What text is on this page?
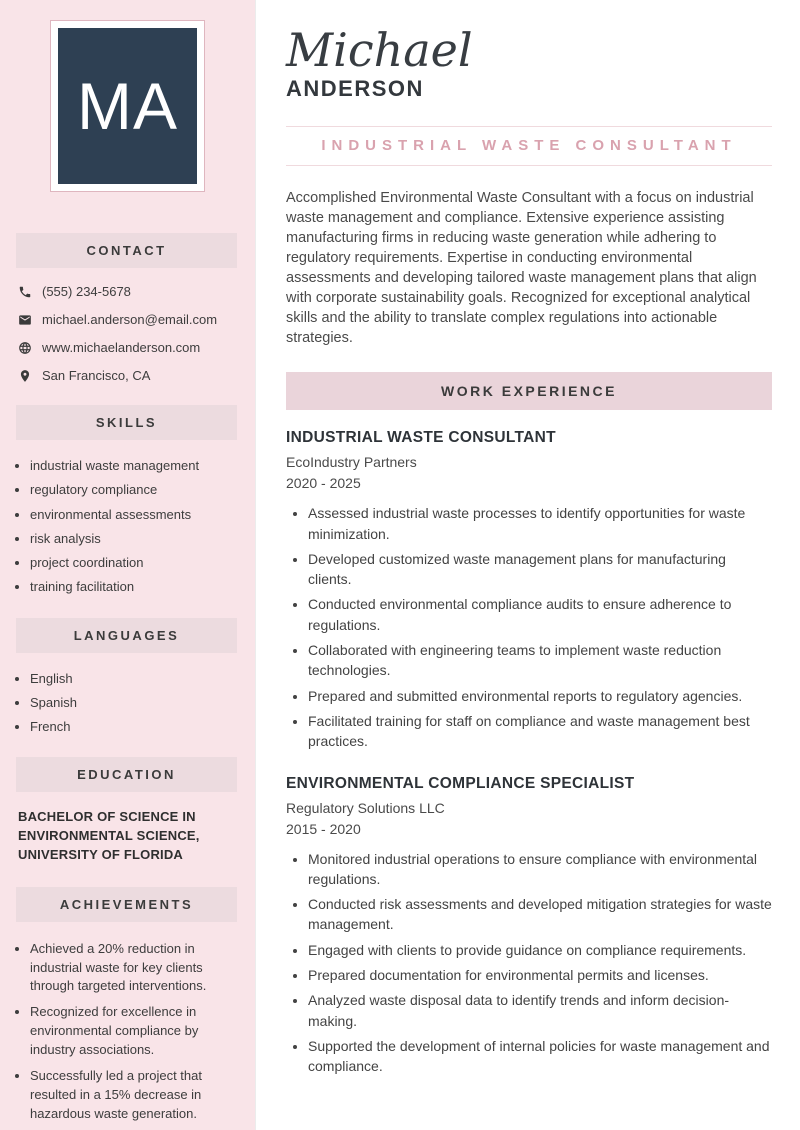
MA
CONTACT
(555) 234-5678
michael.anderson@email.com
www.michaelanderson.com
San Francisco, CA
SKILLS
• industrial waste management
• regulatory compliance
• environmental assessments
• risk analysis
• project coordination
• training facilitation
LANGUAGES
• English
• Spanish
• French
EDUCATION
BACHELOR OF SCIENCE IN ENVIRONMENTAL SCIENCE, UNIVERSITY OF FLORIDA
ACHIEVEMENTS
• Achieved a 20% reduction in industrial waste for key clients through targeted interventions.
• Recognized for excellence in environmental compliance by industry associations.
• Successfully led a project that resulted in a 15% decrease in hazardous waste generation.
Michael
ANDERSON
INDUSTRIAL WASTE CONSULTANT

Accomplished Environmental Waste Consultant with a focus on industrial waste management and compliance. Extensive experience assisting manufacturing firms in reducing waste generation while adhering to regulatory requirements. Expertise in conducting environmental assessments and developing tailored waste management plans that align with corporate sustainability goals. Recognized for exceptional analytical skills and the ability to translate complex regulations into actionable strategies.

WORK EXPERIENCE
INDUSTRIAL WASTE CONSULTANT
EcoIndustry Partners
2020 - 2025
• Assessed industrial waste processes to identify opportunities for waste minimization.
• Developed customized waste management plans for manufacturing clients.
• Conducted environmental compliance audits to ensure adherence to regulations.
• Collaborated with engineering teams to implement waste reduction technologies.
• Prepared and submitted environmental reports to regulatory agencies.
• Facilitated training for staff on compliance and waste management best practices.
ENVIRONMENTAL COMPLIANCE SPECIALIST
Regulatory Solutions LLC
2015 - 2020
• Monitored industrial operations to ensure compliance with environmental regulations.
• Conducted risk assessments and developed mitigation strategies for waste management.
• Engaged with clients to provide guidance on compliance requirements.
• Prepared documentation for environmental permits and licenses.
• Analyzed waste disposal data to identify trends and inform decision-making.
• Supported the development of internal policies for waste management and compliance.
